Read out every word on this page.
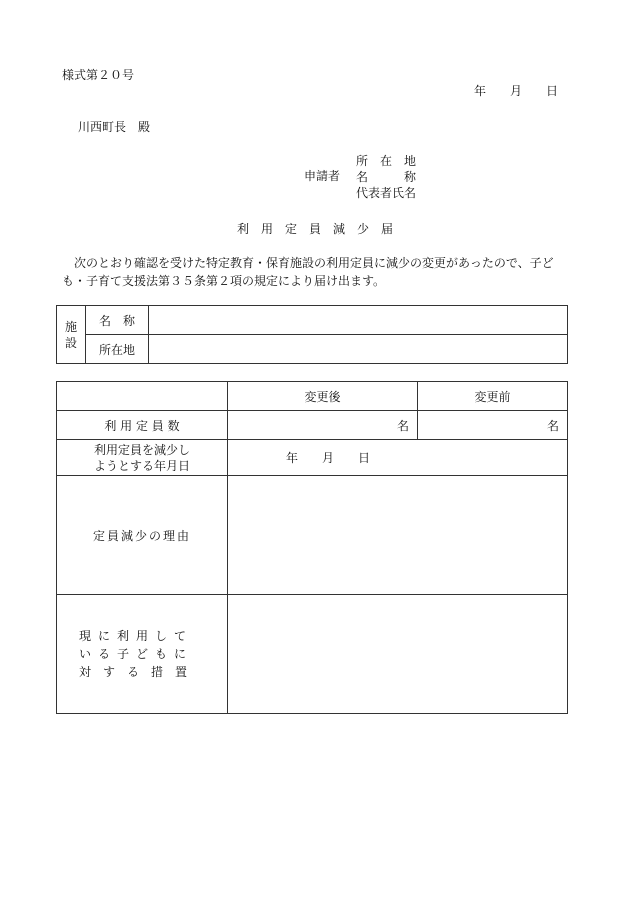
様式第２０号
年　　月　　日
川西町長　殿
申請者
所　在　地
名　　　称
代表者氏名
利　用　定　員　減　少　届
次のとおり確認を受けた特定教育・保育施設の利用定員に減少の変更があったので、子ども・子育て支援法第３５条第２項の規定により届け出ます。
施設	名　称	
	所在地	
	変更後	変更前
利 用 定 員 数	名	名

利用定員を減少し
ようとする年月日	年　　月　　日	
定員減少の理由		

現に利用して
いる子どもに
対する措置		
